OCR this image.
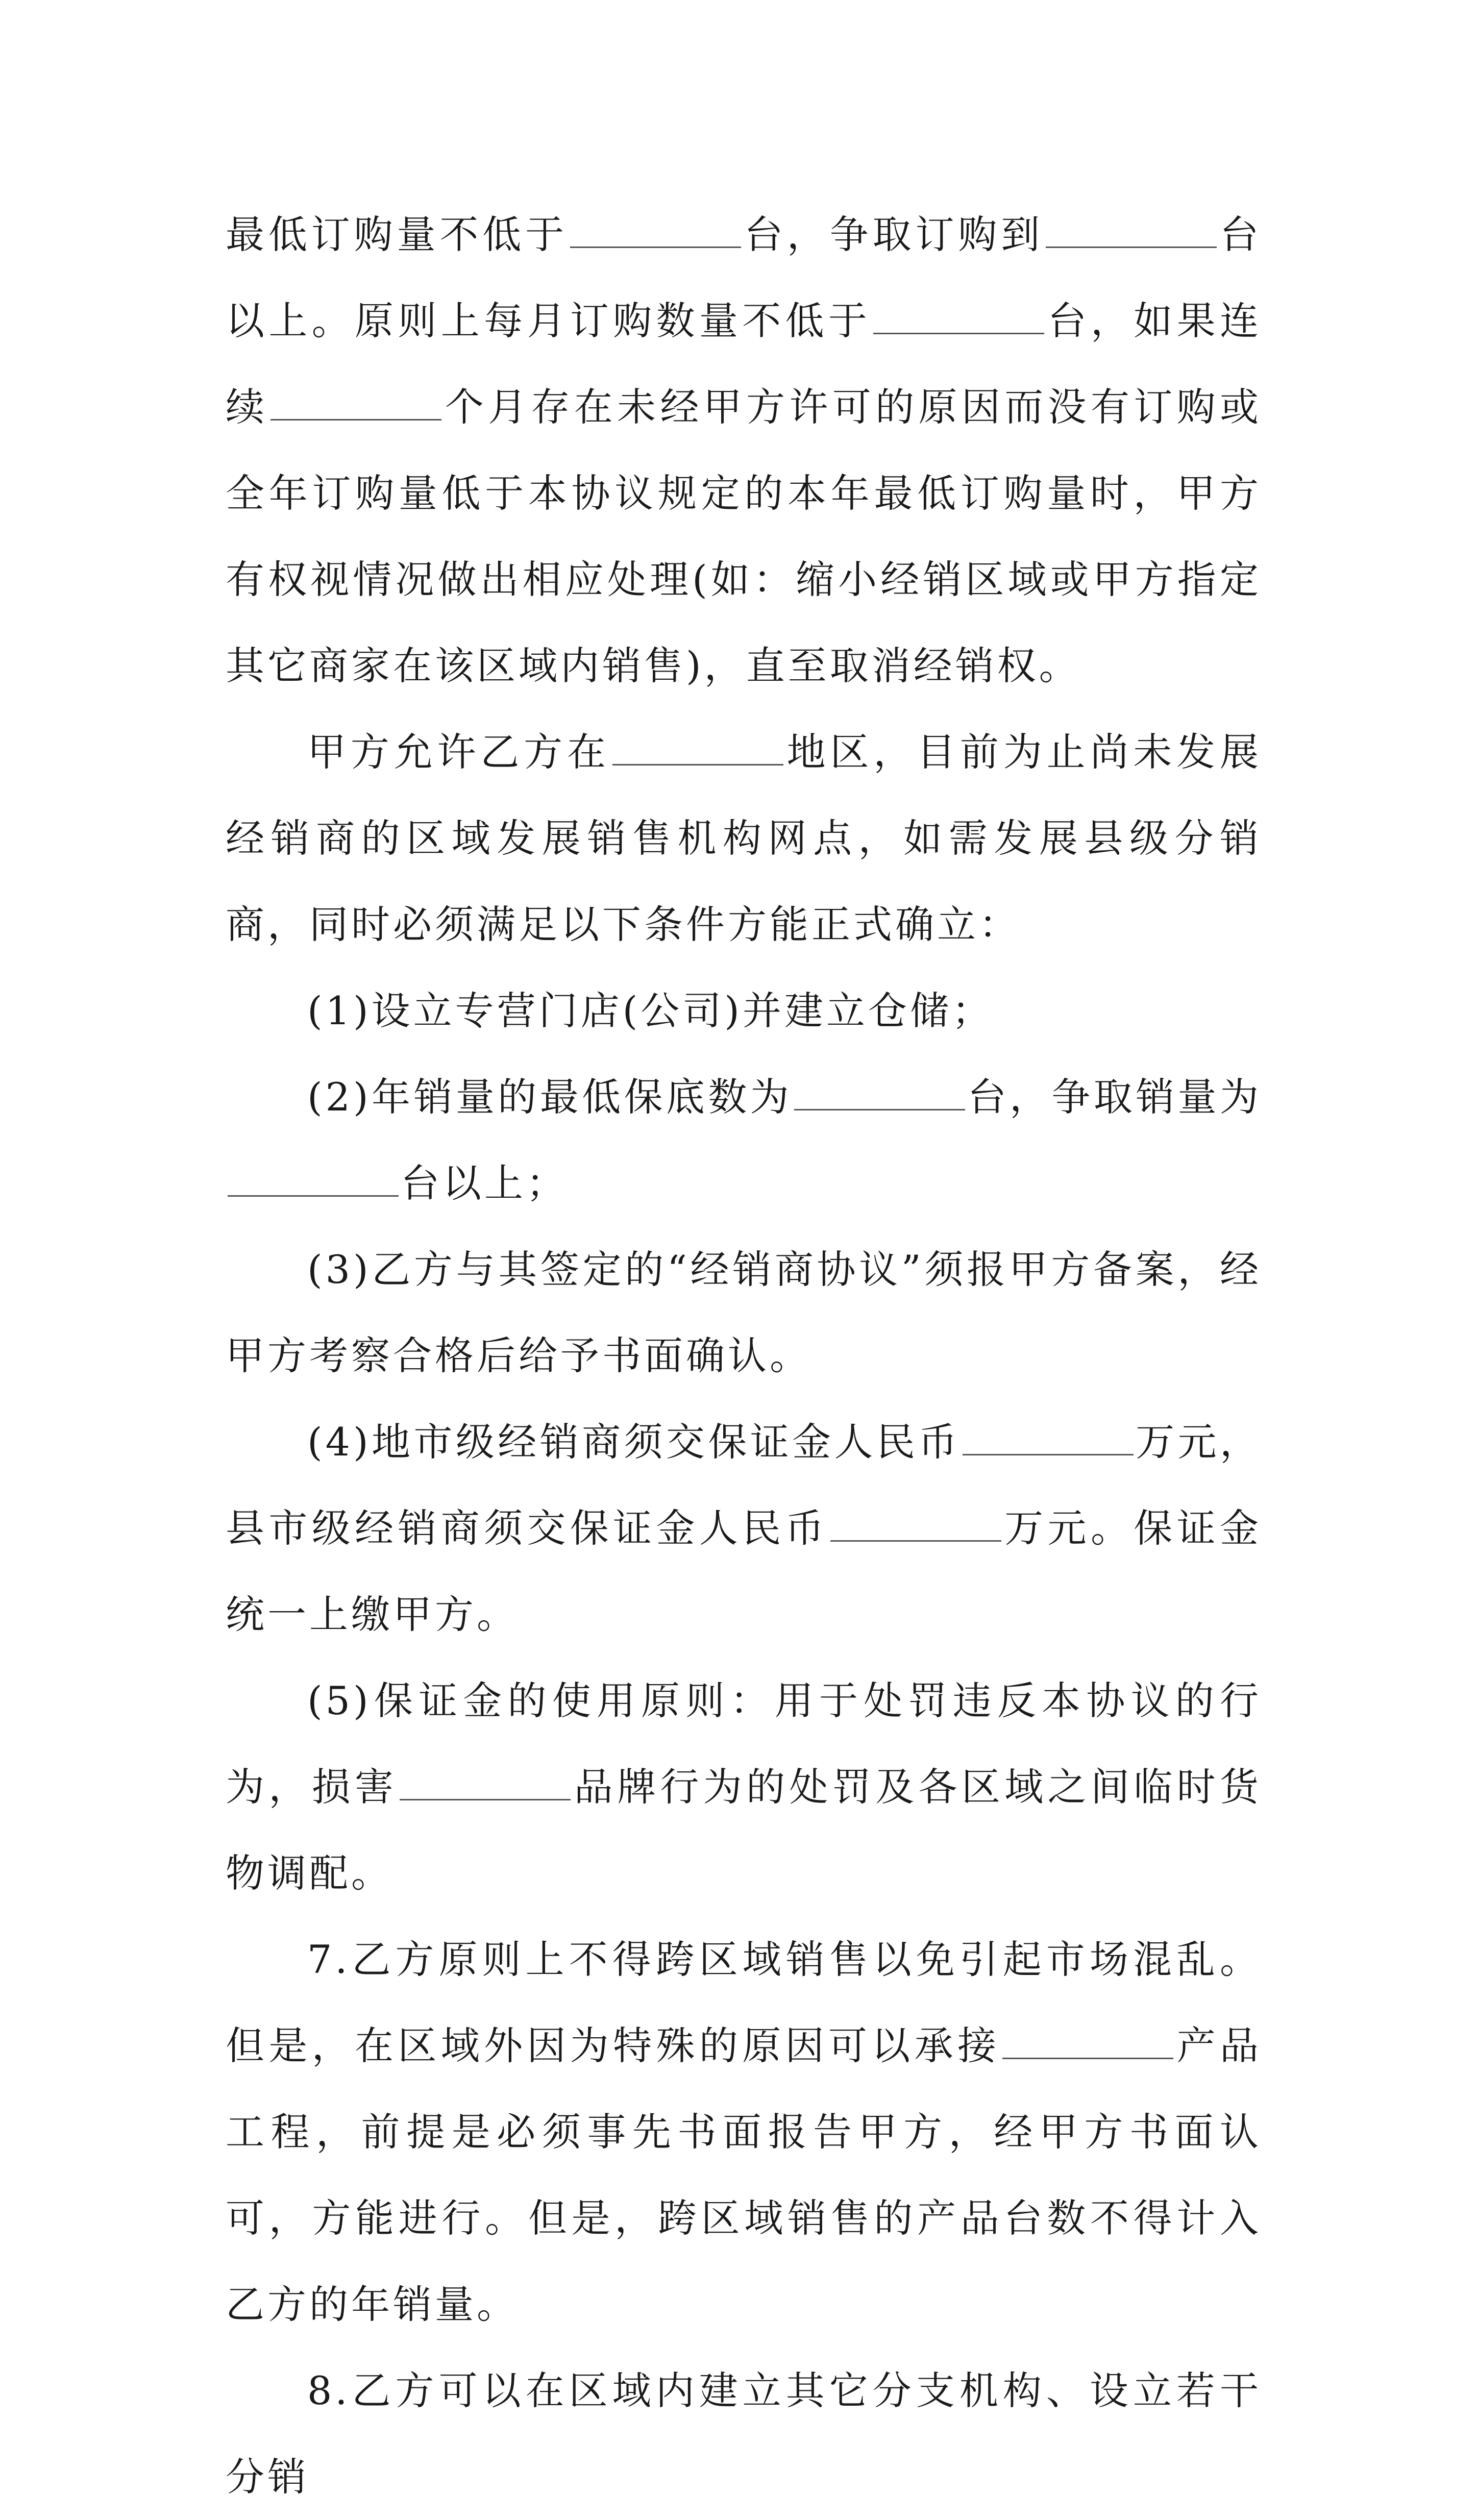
最低订购量不低于	台，争取订购到	台以上。原则上每月订购数量不低于	台，如果连续	个月存在未经甲方许可的原因而没有订购或全年订购量低于本协议规定的本年最低订购量时，甲方有权视情况做出相应处理(如：缩小经销区域或甲方指定其它商家在该区域内销售)，直至取消经销权。

甲方允许乙方在	地区，目前为止尚未发展经销商的区域发展销售机构网点，如需发展县级分销商，同时必须满足以下条件方能正式确立：

(1)设立专营门店(公司)并建立仓储；

(2)年销量的最低保底数为	台，争取销量为台以上；

(3)乙方与其签定的“经销商协议”须报甲方备案，经甲方考察合格后给予书面确认。

(4)地市级经销商须交保证金人民币	万元，县市级经销商须交保证金人民币	万元。保证金统一上缴甲方。

(5)保证金的使用原则：用于处罚违反本协议的行为，损害	品牌行为的处罚及各区域之间临时货物调配。

7.乙方原则上不得跨区域销售以免引起市场混乱。但是，在区域外因为特殊的原因可以承接	产品工程，前提是必须事先书面报告甲方，经甲方书面认可，方能进行。但是，跨区域销售的产品台数不得计入乙方的年销量。

8.乙方可以在区域内建立其它分支机构、设立若干分销
